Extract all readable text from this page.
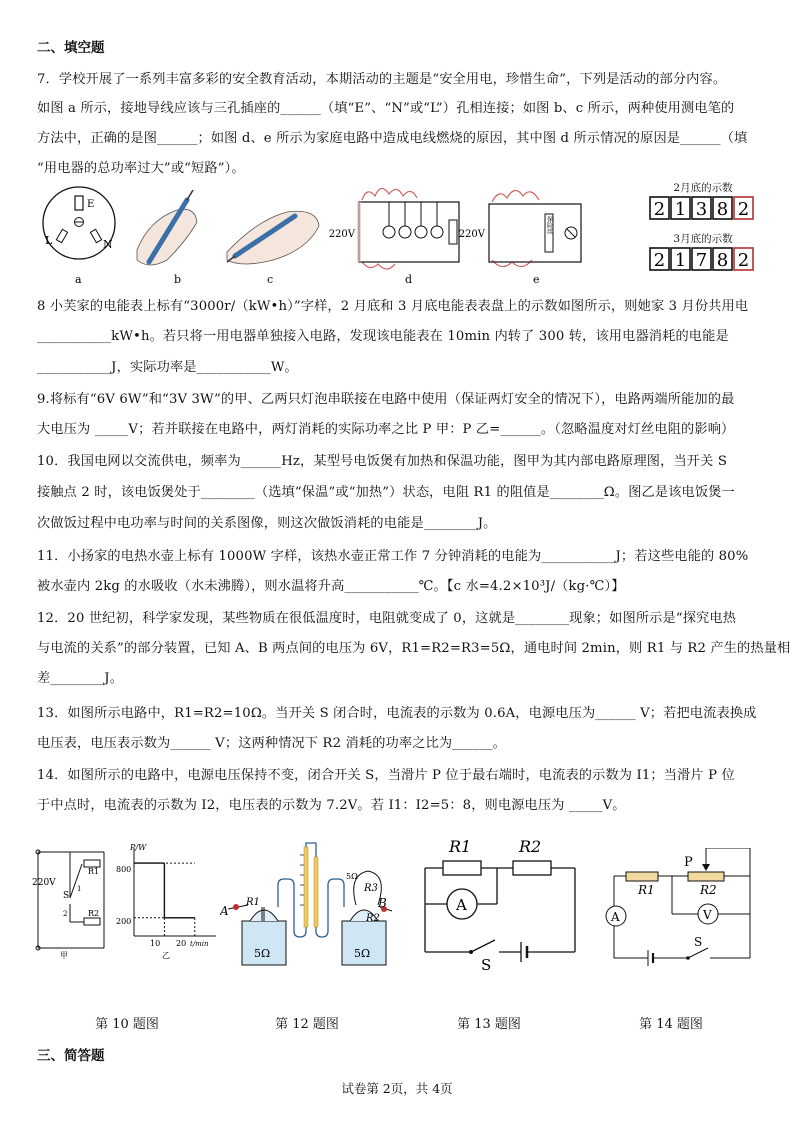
二、填空题
7．学校开展了一系列丰富多彩的安全教育活动，本期活动的主题是“安全用电，珍惜生命”，下列是活动的部分内容。
如图 a 所示，接地导线应该与三孔插座的______（填“E”、“N”或“L”）孔相连接；如图 b、c 所示，两种使用测电笔的
方法中，正确的是图______；如图 d、e 所示为家庭电路中造成电线燃烧的原因，其中图 d 所示情况的原因是______（填
“用电器的总功率过大”或“短路”）。
E
L	N
a	b	c
220V
d
220V
保险丝
e
2月底的示数
2 1 3 8 2
3月底的示数
2 1 7 8 2
8 小芙家的电能表上标有“3000r/（kW•h）”字样，2 月底和 3 月底电能表表盘上的示数如图所示，则她家 3 月份共用电
___________kW•h。若只将一用电器单独接入电路，发现该电能表在 10min 内转了 300 转，该用电器消耗的电能是
___________J，实际功率是___________W。
9.将标有“6V 6W”和“3V 3W”的甲、乙两只灯泡串联接在电路中使用（保证两灯安全的情况下），电路两端所能加的最
大电压为 _____V；若并联接在电路中，两灯消耗的实际功率之比 P 甲：P 乙=______。（忽略温度对灯丝电阻的影响）
10．我国电网以交流供电，频率为______Hz，某型号电饭煲有加热和保温功能，图甲为其内部电路原理图，当开关 S
接触点 2 时，该电饭煲处于________（选填“保温”或“加热”）状态，电阻 R1 的阻值是________Ω。图乙是该电饭煲一
次做饭过程中电功率与时间的关系图像，则这次做饭消耗的电能是________J。
11．小扬家的电热水壶上标有 1000W 字样，该热水壶正常工作 7 分钟消耗的电能为___________J；若这些电能的 80%
被水壶内 2kg 的水吸收（水未沸腾），则水温将升高___________℃。【c 水=4.2×10³J/（kg·℃）】
12．20 世纪初，科学家发现，某些物质在很低温度时，电阻就变成了 0，这就是________现象；如图所示是“探究电热
与电流的关系”的部分装置，已知 A、B 两点间的电压为 6V，R1=R2=R3=5Ω，通电时间 2min，则 R1 与 R2 产生的热量相
差________J。
13．如图所示电路中，R1=R2=10Ω。当开关 S 闭合时，电流表的示数为 0.6A，电源电压为______ V；若把电流表换成
电压表，电压表示数为______ V；这两种情况下 R2 消耗的功率之比为______。
14．如图所示的电路中，电源电压保持不变，闭合开关 S，当滑片 P 位于最右端时，电流表的示数为 I1；当滑片 P 位
于中点时，电流表的示数为 I2，电压表的示数为 7.2V。若 I1：I2=5：8，则电源电压为 _____V。
220V
R1
S
1
2	R2
甲
800
200
10 20
P/W
t/min
乙	5Ω	5Ω
A
R1
5Ω
R3
R2
B
R1	R2
A
S
R1	R2
P
A	V
S
第 10 题图	第 12 题图	第 13 题图	第 14 题图
三、简答题
试卷第 2页，共 4页
